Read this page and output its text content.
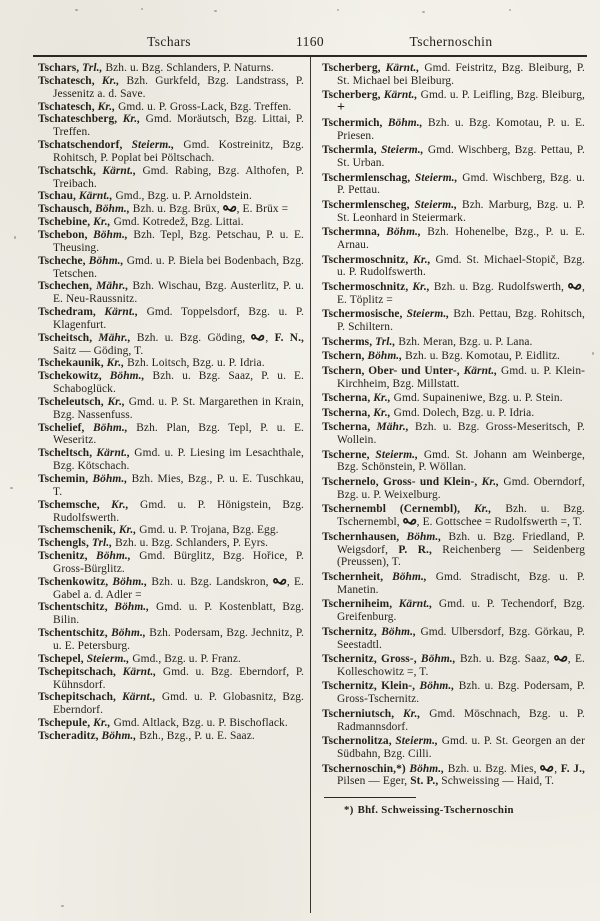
Tschars	1160	Tschernoschin

Tschars, Trl., Bzh. u. Bzg. Schlanders, P. Naturns.

Tschatesch, Kr., Bzh. Gurkfeld, Bzg. Landstrass, P. Jessenitz a. d. Save.

Tschatesch, Kr., Gmd. u. P. Gross-Lack, Bzg. Treffen.

Tschateschberg, Kr., Gmd. Moräutsch, Bzg. Littai, P. Treffen.

Tschatschendorf, Steierm., Gmd. Kostreinitz, Bzg. Rohitsch, P. Poplat bei Pöltschach.

Tschatschk, Kärnt., Gmd. Rabing, Bzg. Althofen, P. Treibach.

Tschau, Kärnt., Gmd., Bzg. u. P. Arnoldstein.

Tschausch, Böhm., Bzh. u. Bzg. Brüx,
, E. Brüx =

Tschebine, Kr., Gmd. Kotredež, Bzg. Littai.

Tschebon, Böhm., Bzh. Tepl, Bzg. Petschau, P. u. E. Theusing.

Tscheche, Böhm., Gmd. u. P. Biela bei Bodenbach, Bzg. Tetschen.

Tschechen, Mähr., Bzh. Wischau, Bzg. Austerlitz, P. u. E. Neu-Raussnitz.

Tschedram, Kärnt., Gmd. Toppelsdorf, Bzg. u. P. Klagenfurt.

Tscheitsch, Mähr., Bzh. u. Bzg. Göding,
, F. N., Saitz — Göding, T.

Tschekaunik, Kr., Bzh. Loitsch, Bzg. u. P. Idria.

Tschekowitz, Böhm., Bzh. u. Bzg. Saaz, P. u. E. Schaboglück.

Tscheleutsch, Kr., Gmd. u. P. St. Margarethen in Krain, Bzg. Nassenfuss.

Tschelief, Böhm., Bzh. Plan, Bzg. Tepl, P. u. E. Weseritz.

Tscheltsch, Kärnt., Gmd. u. P. Liesing im Lesachthale, Bzg. Kötschach.

Tschemin, Böhm., Bzh. Mies, Bzg., P. u. E. Tuschkau, T.

Tschemsche, Kr., Gmd. u. P. Hönigstein, Bzg. Rudolfswerth.

Tschemschenik, Kr., Gmd. u. P. Trojana, Bzg. Egg.

Tschengls, Trl., Bzh. u. Bzg. Schlanders, P. Eyrs.

Tschenitz, Böhm., Gmd. Bürglitz, Bzg. Hořice, P. Gross-Bürglitz.

Tschenkowitz, Böhm., Bzh. u. Bzg. Landskron,
, E. Gabel a. d. Adler =

Tschentschitz, Böhm., Gmd. u. P. Kostenblatt, Bzg. Bilin.

Tschentschitz, Böhm., Bzh. Podersam, Bzg. Jechnitz, P. u. E. Petersburg.

Tschepel, Steierm., Gmd., Bzg. u. P. Franz.

Tschepitschach, Kärnt., Gmd. u. Bzg. Eberndorf, P. Kühnsdorf.

Tschepitschach, Kärnt., Gmd. u. P. Globasnitz, Bzg. Eberndorf.

Tschepule, Kr., Gmd. Altlack, Bzg. u. P. Bischoflack.

Tscheraditz, Böhm., Bzh., Bzg., P. u. E. Saaz.

Tscherberg, Kärnt., Gmd. Feistritz, Bzg. Bleiburg, P. St. Michael bei Bleiburg.

Tscherberg, Kärnt., Gmd. u. P. Leifling, Bzg. Bleiburg, +

Tschermich, Böhm., Bzh. u. Bzg. Komotau, P. u. E. Priesen.

Tschermla, Steierm., Gmd. Wischberg, Bzg. Pettau, P. St. Urban.

Tschermlenschag, Steierm., Gmd. Wischberg, Bzg. u. P. Pettau.

Tschermlenscheg, Steierm., Bzh. Marburg, Bzg. u. P. St. Leonhard in Steiermark.

Tschermna, Böhm., Bzh. Hohenelbe, Bzg., P. u. E. Arnau.

Tschermoschnitz, Kr., Gmd. St. Michael-Stopič, Bzg. u. P. Rudolfswerth.

Tschermoschnitz, Kr., Bzh. u. Bzg. Rudolfswerth,
, E. Töplitz =

Tschermosische, Steierm., Bzh. Pettau, Bzg. Rohitsch, P. Schiltern.

Tscherms, Trl., Bzh. Meran, Bzg. u. P. Lana.

Tschern, Böhm., Bzh. u. Bzg. Komotau, P. Eidlitz.

Tschern, Ober- und Unter-, Kärnt., Gmd. u. P. Klein-Kirchheim, Bzg. Millstatt.

Tscherna, Kr., Gmd. Supaineniwe, Bzg. u. P. Stein.

Tscherna, Kr., Gmd. Dolech, Bzg. u. P. Idria.

Tscherna, Mähr., Bzh. u. Bzg. Gross-Meseritsch, P. Wollein.

Tscherne, Steierm., Gmd. St. Johann am Weinberge, Bzg. Schönstein, P. Wöllan.

Tschernelo, Gross- und Klein-, Kr., Gmd. Oberndorf, Bzg. u. P. Weixelburg.

Tschernembl (Cernembl), Kr., Bzh. u. Bzg. Tschernembl,
, E. Gottschee = Rudolfswerth =, T.

Tschernhausen, Böhm., Bzh. u. Bzg. Friedland, P. Weigsdorf, P. R., Reichenberg — Seidenberg (Preussen), T.

Tschernheit, Böhm., Gmd. Stradischt, Bzg. u. P. Manetin.

Tscherniheim, Kärnt., Gmd. u. P. Techendorf, Bzg. Greifenburg.

Tschernitz, Böhm., Gmd. Ulbersdorf, Bzg. Görkau, P. Seestadtl.

Tschernitz, Gross-, Böhm., Bzh. u. Bzg. Saaz,
, E. Kolleschowitz =, T.

Tschernitz, Klein-, Böhm., Bzh. u. Bzg. Podersam, P. Gross-Tschernitz.

Tscherniutsch, Kr., Gmd. Möschnach, Bzg. u. P. Radmannsdorf.

Tschernolitza, Steierm., Gmd. u. P. St. Georgen an der Südbahn, Bzg. Cilli.

Tschernoschin,*) Böhm., Bzh. u. Bzg. Mies,
, F. J., Pilsen — Eger, St. P., Schweissing — Haid, T.

*) Bhf. Schweissing-Tschernoschin
